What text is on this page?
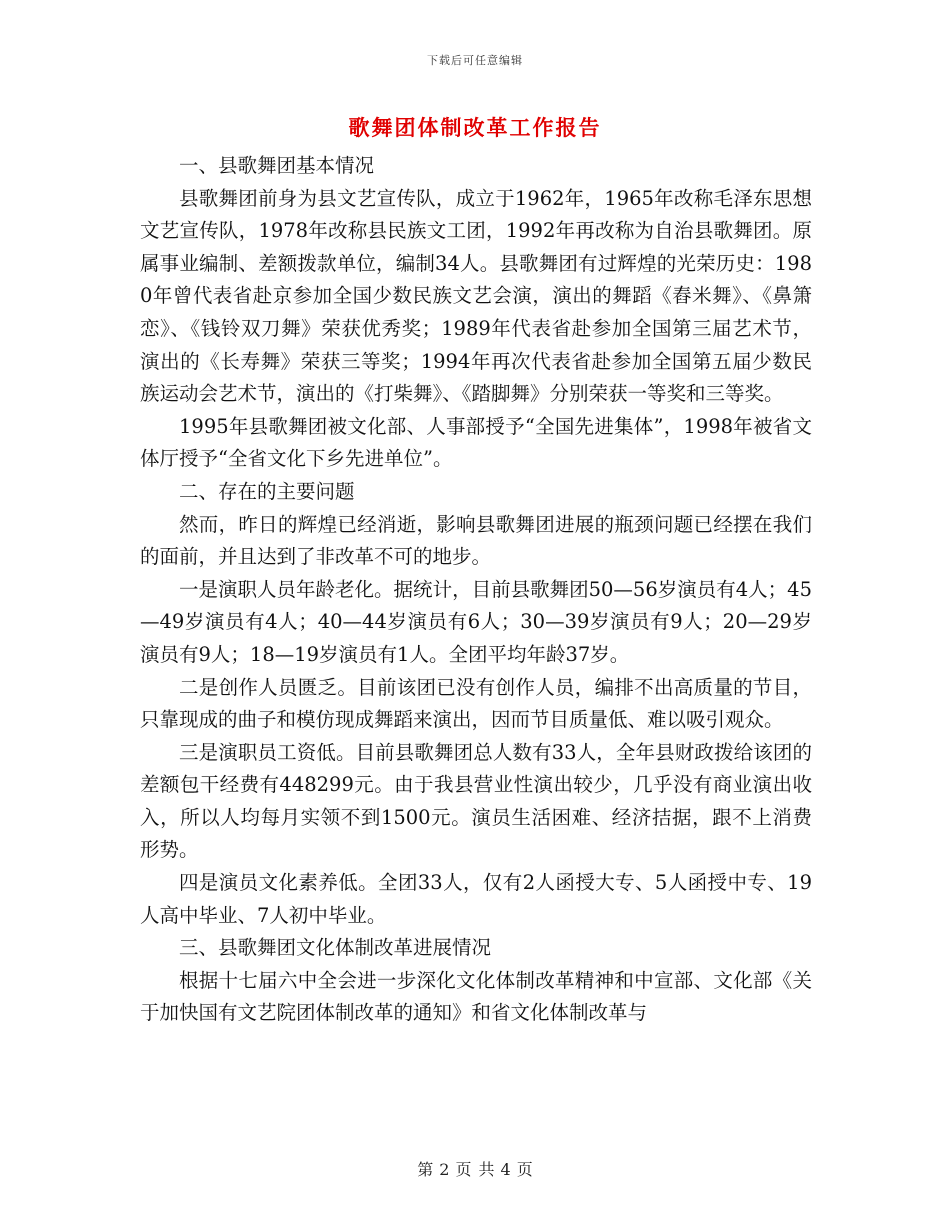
下载后可任意编辑
歌舞团体制改革工作报告

一、县歌舞团基本情况

县歌舞团前身为县文艺宣传队，成立于1962年，1965年改称毛泽东思想文艺宣传队，1978年改称县民族文工团，1992年再改称为自治县歌舞团。原属事业编制、差额拨款单位，编制34人。县歌舞团有过辉煌的光荣历史：1980年曾代表省赴京参加全国少数民族文艺会演，演出的舞蹈《舂米舞》、《鼻箫恋》、《钱铃双刀舞》荣获优秀奖；1989年代表省赴参加全国第三届艺术节，演出的《长寿舞》荣获三等奖；1994年再次代表省赴参加全国第五届少数民族运动会艺术节，演出的《打柴舞》、《踏脚舞》分别荣获一等奖和三等奖。

1995年县歌舞团被文化部、人事部授予“全国先进集体”，1998年被省文体厅授予“全省文化下乡先进单位”。

二、存在的主要问题

然而，昨日的辉煌已经消逝，影响县歌舞团进展的瓶颈问题已经摆在我们的面前，并且达到了非改革不可的地步。

一是演职人员年龄老化。据统计，目前县歌舞团50—56岁演员有4人；45—49岁演员有4人；40—44岁演员有6人；30—39岁演员有9人；20—29岁演员有9人；18—19岁演员有1人。全团平均年龄37岁。

二是创作人员匮乏。目前该团已没有创作人员，编排不出高质量的节目，只靠现成的曲子和模仿现成舞蹈来演出，因而节目质量低、难以吸引观众。

三是演职员工资低。目前县歌舞团总人数有33人，全年县财政拨给该团的差额包干经费有448299元。由于我县营业性演出较少，几乎没有商业演出收入，所以人均每月实领不到1500元。演员生活困难、经济拮据，跟不上消费形势。

四是演员文化素养低。全团33人，仅有2人函授大专、5人函授中专、19人高中毕业、7人初中毕业。

三、县歌舞团文化体制改革进展情况

根据十七届六中全会进一步深化文化体制改革精神和中宣部、文化部《关于加快国有文艺院团体制改革的通知》和省文化体制改革与

第 2 页 共 4 页
